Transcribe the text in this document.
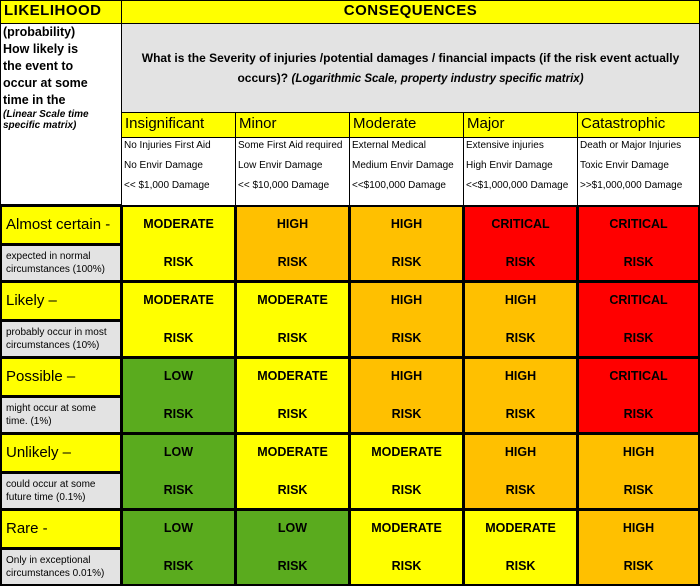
LIKELIHOOD	CONSEQUENCES
(probability)
How likely is
the event to
occur at some
time in the
(Linear Scale time specific matrix)
What is the Severity of injuries /potential damages / financial impacts (if the risk event actually occurs)? (Logarithmic Scale, property industry specific matrix)
Insignificant
No Injuries First Aid
No Envir Damage
<< $1,000 Damage
Minor
Some First Aid required
Low Envir Damage
<< $10,000 Damage
Moderate
External Medical
Medium Envir Damage
<<$100,000 Damage
Major
Extensive injuries
High Envir Damage
<<$1,000,000 Damage
Catastrophic
Death or Major Injuries
Toxic Envir Damage
>>$1,000,000 Damage
Almost certain -
expected in normal circumstances (100%)
MODERATE
RISK
HIGH
RISK
HIGH
RISK
CRITICAL
RISK
CRITICAL
RISK
Likely –
probably occur in most circumstances (10%)
MODERATE
RISK
MODERATE
RISK
HIGH
RISK
HIGH
RISK
CRITICAL
RISK
Possible –
might occur at some time. (1%)
LOW
RISK
MODERATE
RISK
HIGH
RISK
HIGH
RISK
CRITICAL
RISK
Unlikely –
could occur at some future time (0.1%)
LOW
RISK
MODERATE
RISK
MODERATE
RISK
HIGH
RISK
HIGH
RISK
Rare -
Only in exceptional circumstances 0.01%)
LOW
RISK
LOW
RISK
MODERATE
RISK
MODERATE
RISK
HIGH
RISK
